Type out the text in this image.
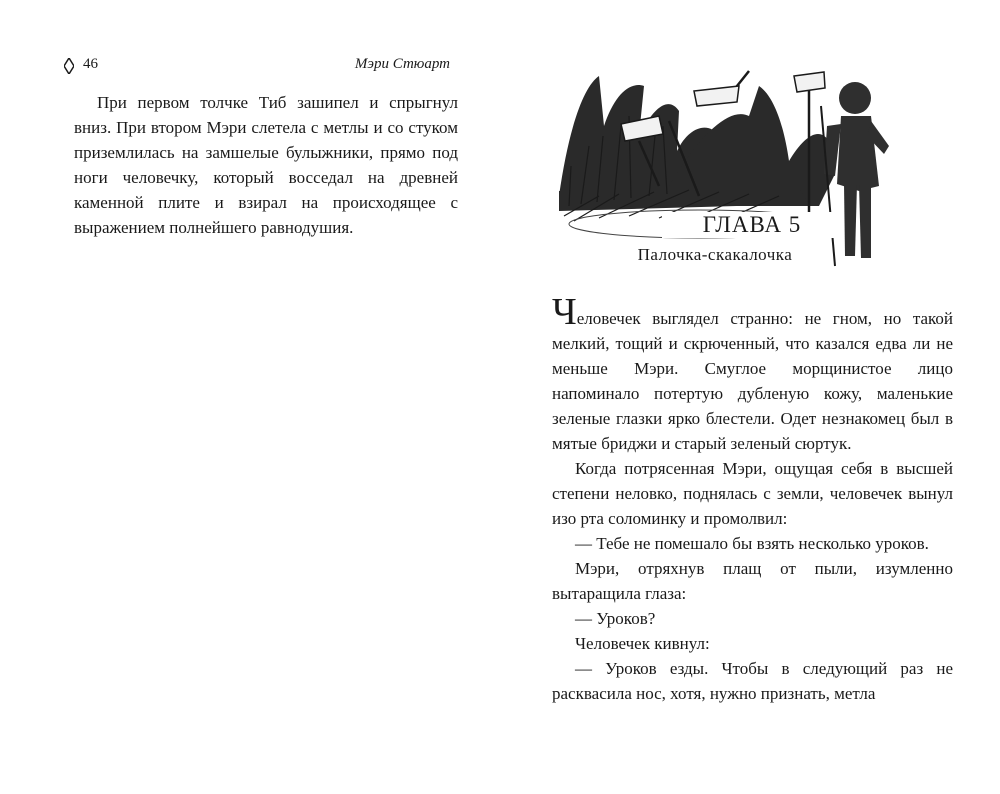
46	Мэри Стюарт

При первом толчке Тиб зашипел и спрыгнул вниз. При втором Мэри слетела с метлы и со стуком приземлилась на замшелые булыжники, прямо под ноги человечку, который восседал на древней каменной плите и взирал на происходящее с выражением полнейшего равнодушия.	ГЛАВА 5
Палочка-скакалочка

Человечек выглядел странно: не гном, но такой мелкий, тощий и скрюченный, что казался едва ли не меньше Мэри. Смуглое морщинистое лицо напоминало потертую дубленую кожу, маленькие зеленые глазки ярко блестели. Одет незнакомец был в мятые бриджи и старый зеленый сюртук.

Когда потрясенная Мэри, ощущая себя в высшей степени неловко, поднялась с земли, человечек вынул изо рта соломинку и промолвил:

— Тебе не помешало бы взять несколько уроков.

Мэри, отряхнув плащ от пыли, изумленно вытаращила глаза:

— Уроков?

Человечек кивнул:

— Уроков езды. Чтобы в следующий раз не расквасила нос, хотя, нужно признать, метла
